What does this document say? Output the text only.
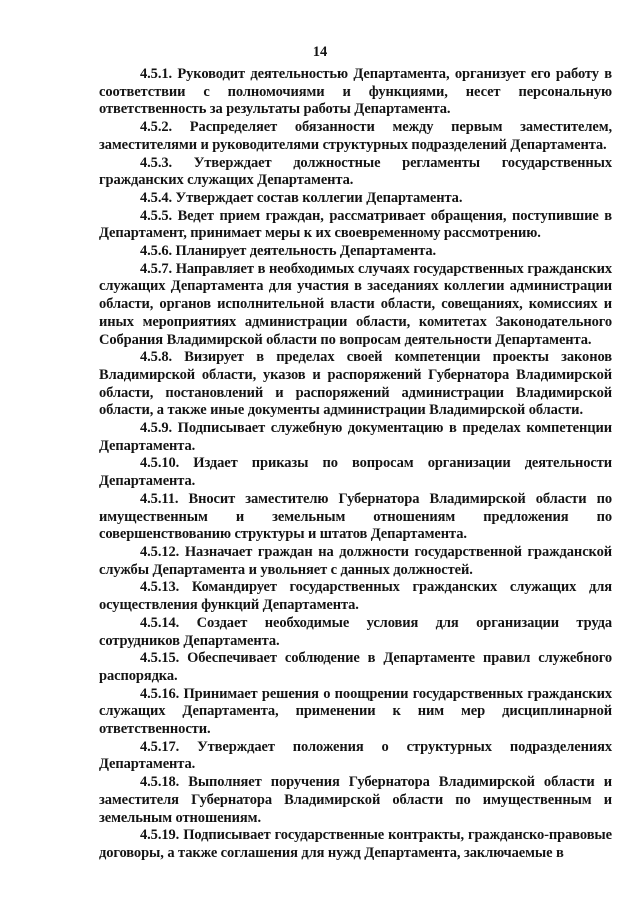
14

4.5.1. Руководит деятельностью Департамента, организует его работу в соответствии с полномочиями и функциями, несет персональную ответственность за результаты работы Департамента.

4.5.2. Распределяет обязанности между первым заместителем, заместителями и руководителями структурных подразделений Департамента.

4.5.3. Утверждает должностные регламенты государственных гражданских служащих Департамента.

4.5.4. Утверждает состав коллегии Департамента.

4.5.5. Ведет прием граждан, рассматривает обращения, поступившие в Департамент, принимает меры к их своевременному рассмотрению.

4.5.6. Планирует деятельность Департамента.

4.5.7. Направляет в необходимых случаях государственных гражданских служащих Департамента для участия в заседаниях коллегии администрации области, органов исполнительной власти области, совещаниях, комиссиях и иных мероприятиях администрации области, комитетах Законодательного Собрания Владимирской области по вопросам деятельности Департамента.

4.5.8. Визирует в пределах своей компетенции проекты законов Владимирской области, указов и распоряжений Губернатора Владимирской области, постановлений и распоряжений администрации Владимирской области, а также иные документы администрации Владимирской области.

4.5.9. Подписывает служебную документацию в пределах компетенции Департамента.

4.5.10. Издает приказы по вопросам организации деятельности Департамента.

4.5.11. Вносит заместителю Губернатора Владимирской области по имущественным и земельным отношениям предложения по совершенствованию структуры и штатов Департамента.

4.5.12. Назначает граждан на должности государственной гражданской службы Департамента и увольняет с данных должностей.

4.5.13. Командирует государственных гражданских служащих для осуществления функций Департамента.

4.5.14. Создает необходимые условия для организации труда сотрудников Департамента.

4.5.15. Обеспечивает соблюдение в Департаменте правил служебного распорядка.

4.5.16. Принимает решения о поощрении государственных гражданских служащих Департамента, применении к ним мер дисциплинарной ответственности.

4.5.17. Утверждает положения о структурных подразделениях Департамента.

4.5.18. Выполняет поручения Губернатора Владимирской области и заместителя Губернатора Владимирской области по имущественным и земельным отношениям.

4.5.19. Подписывает государственные контракты, гражданско-правовые договоры, а также соглашения для нужд Департамента, заключаемые в
